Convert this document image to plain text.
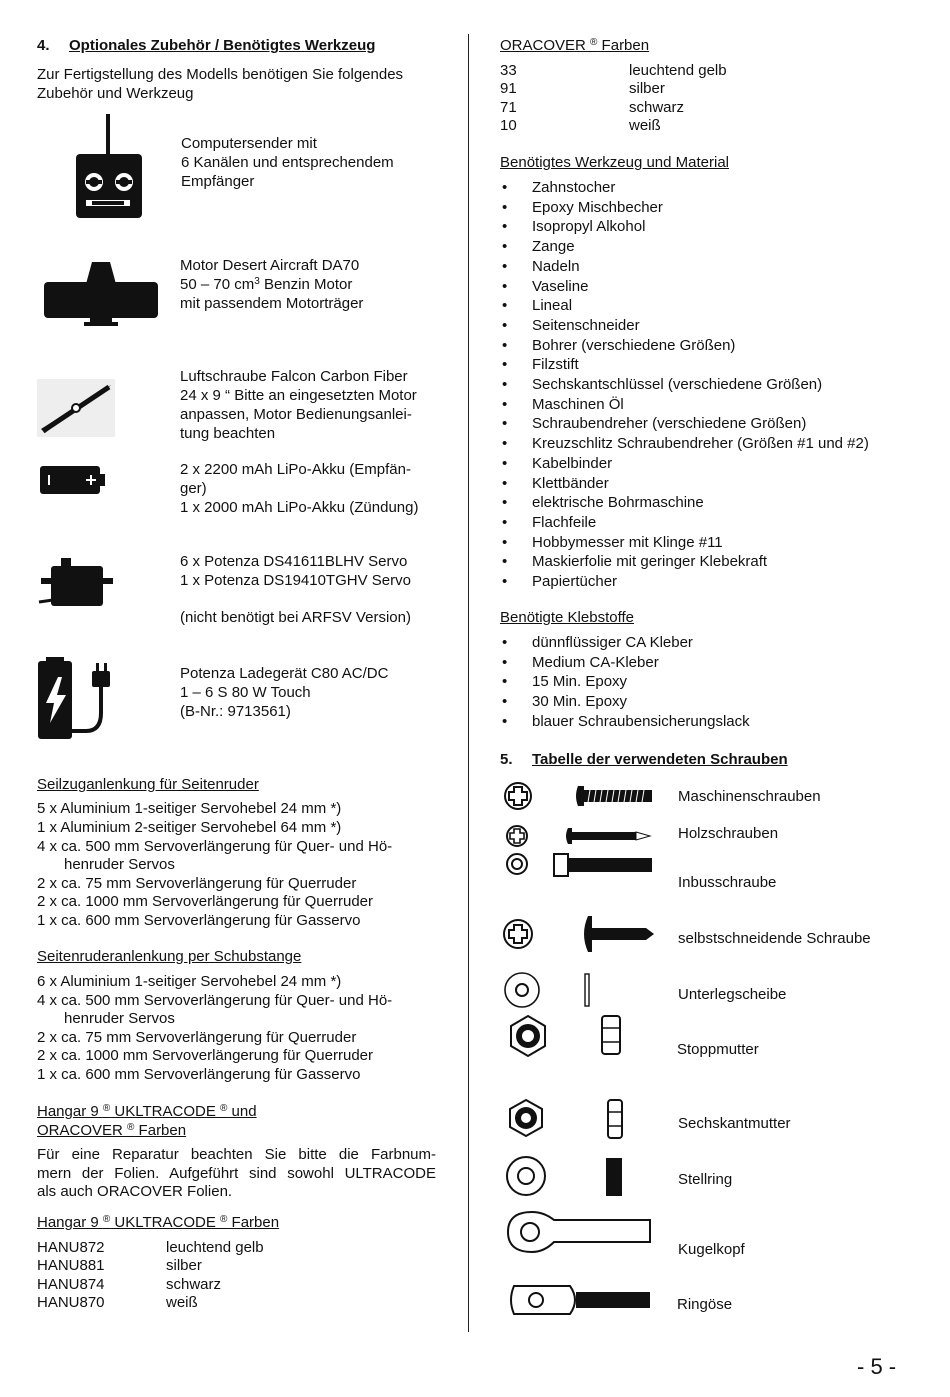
4. Optionales Zubehör / Benötigtes Werkzeug
Zur Fertigstellung des Modells benötigen Sie folgendes
Zubehör und Werkzeug
Computersender mit
6 Kanälen und entsprechendem
Empfänger
Motor Desert Aircraft DA70
50 – 70 $cm^3$ Benzin Motor
mit passendem Motorträger
Luftschraube Falcon Carbon Fiber
24 x 9 “ Bitte an eingesetzten Motor
anpassen, Motor Bedienungsanlei-
tung beachten
2 x 2200 mAh LiPo-Akku (Empfän-
ger)
1 x 2000 mAh LiPo-Akku (Zündung)
6 x Potenza DS41611BLHV Servo
1 x Potenza DS19410TGHV Servo
(nicht benötigt bei ARFSV Version)
Potenza Ladegerät C80 AC/DC
1 – 6 S 80 W Touch
(B-Nr.: 9713561)
Seilzuganlenkung für Seitenruder
5 x Aluminium 1-seitiger Servohebel 24 mm *)
1 x Aluminium 2-seitiger Servohebel 64 mm *)
4 x ca. 500 mm Servoverlängerung für Quer- und Hö-
henruder Servos
2 x ca. 75 mm Servoverlängerung für Querruder
2 x ca. 1000 mm Servoverlängerung für Querruder
1 x ca. 600 mm Servoverlängerung für Gasservo
Seitenruderanlenkung per Schubstange
6 x Aluminium 1-seitiger Servohebel 24 mm *)
4 x ca. 500 mm Servoverlängerung für Quer- und Hö-
henruder Servos
2 x ca. 75 mm Servoverlängerung für Querruder
2 x ca. 1000 mm Servoverlängerung für Querruder
1 x ca. 600 mm Servoverlängerung für Gasservo
Hangar 9 ® UKLTRACODE ® und
ORACOVER ® Farben
Für eine Reparatur beachten Sie bitte die Farbnum-
mern der Folien. Aufgeführt sind sowohl ULTRACODE
als auch ORACOVER Folien.
Hangar 9 ® UKLTRACODE ® Farben
HANU872	leuchtend gelb
HANU881	silber
HANU874	schwarz
HANU870	weiß
ORACOVER ® Farben
33	leuchtend gelb
91	silber
71	schwarz
10	weiß
Benötigtes Werkzeug und Material
• Zahnstocher
• Epoxy Mischbecher
• Isopropyl Alkohol
• Zange
• Nadeln
• Vaseline
• Lineal
• Seitenschneider
• Bohrer (verschiedene Größen)
• Filzstift
• Sechskantschlüssel (verschiedene Größen)
• Maschinen Öl
• Schraubendreher (verschiedene Größen)
• Kreuzschlitz Schraubendreher (Größen #1 und #2)
• Kabelbinder
• Klettbänder
• elektrische Bohrmaschine
• Flachfeile
• Hobbymesser mit Klinge #11
• Maskierfolie mit geringer Klebekraft
• Papiertücher
Benötigte Klebstoffe
• dünnflüssiger CA Kleber
• Medium CA-Kleber
• 15 Min. Epoxy
• 30 Min. Epoxy
• blauer Schraubensicherungslack
5. Tabelle der verwendeten Schrauben
Maschinenschrauben
Holzschrauben
Inbusschraube
selbstschneidende Schraube
Unterlegscheibe
Stoppmutter
Sechskantmutter
Stellring
Kugelkopf
Ringöse
- 5 -
